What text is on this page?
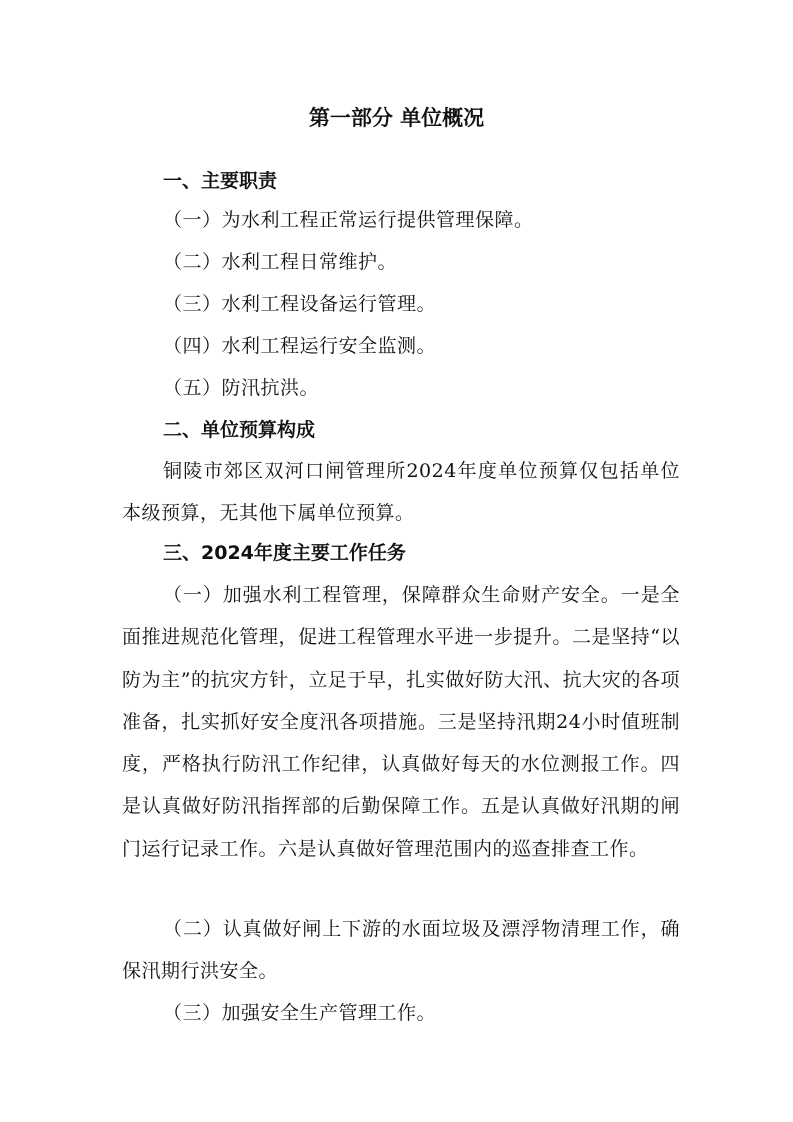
第一部分 单位概况
一、主要职责
（一）为水利工程正常运行提供管理保障。
（二）水利工程日常维护。
（三）水利工程设备运行管理。
（四）水利工程运行安全监测。
（五）防汛抗洪。
二、单位预算构成
铜陵市郊区双河口闸管理所2024年度单位预算仅包括单位本级预算，无其他下属单位预算。
三、2024年度主要工作任务
（一）加强水利工程管理，保障群众生命财产安全。一是全面推进规范化管理，促进工程管理水平进一步提升。二是坚持“以防为主”的抗灾方针，立足于早，扎实做好防大汛、抗大灾的各项准备，扎实抓好安全度汛各项措施。三是坚持汛期24小时值班制度，严格执行防汛工作纪律，认真做好每天的水位测报工作。四是认真做好防汛指挥部的后勤保障工作。五是认真做好汛期的闸门运行记录工作。六是认真做好管理范围内的巡查排查工作。
（二）认真做好闸上下游的水面垃圾及漂浮物清理工作，确保汛期行洪安全。
（三）加强安全生产管理工作。
